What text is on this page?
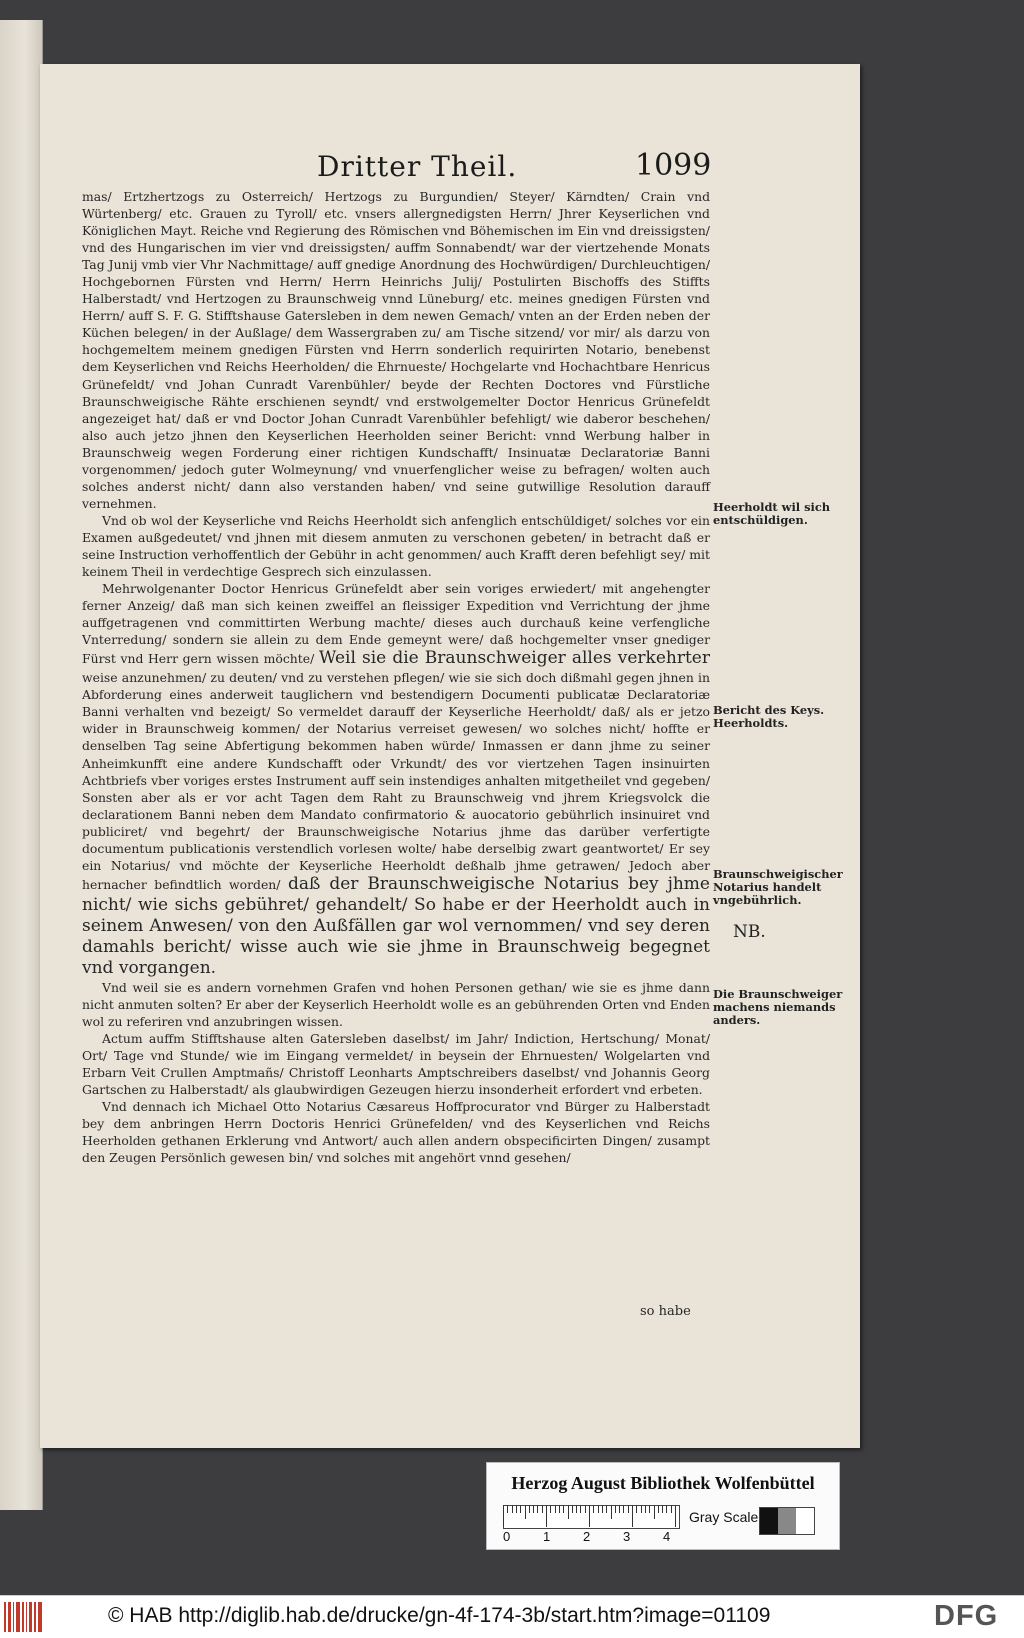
Dritter Theil.	1099

mas/ Ertzhertzogs zu Osterreich/ Hertzogs zu Burgundien/ Steyer/ Kärndten/ Crain vnd Würtenberg/ etc. Grauen zu Tyroll/ etc. vnsers allergnedigsten Herrn/ Jhrer Keyserlichen vnd Königlichen Mayt. Reiche vnd Regierung des Römischen vnd Böhemischen im Ein vnd dreissigsten/ vnd des Hungarischen im vier vnd dreissigsten/ auffm Sonnabendt/ war der viertzehende Monats Tag Junij vmb vier Vhr Nachmittage/ auff gnedige Anordnung des Hochwürdigen/ Durchleuchtigen/ Hochgebornen Fürsten vnd Herrn/ Herrn Heinrichs Julij/ Postulirten Bischoffs des Stiffts Halberstadt/ vnd Hertzogen zu Braunschweig vnnd Lüneburg/ etc. meines gnedigen Fürsten vnd Herrn/ auff S. F. G. Stifftshause Gatersleben in dem newen Gemach/ vnten an der Erden neben der Küchen belegen/ in der Außlage/ dem Wassergraben zu/ am Tische sitzend/ vor mir/ als darzu von hochgemeltem meinem gnedigen Fürsten vnd Herrn sonderlich requirirten Notario, benebenst dem Keyserlichen vnd Reichs Heerholden/ die Ehrnueste/ Hochgelarte vnd Hochachtbare Henricus Grünefeldt/ vnd Johan Cunradt Varenbühler/ beyde der Rechten Doctores vnd Fürstliche Braunschweigische Rähte erschienen seyndt/ vnd erstwolgemelter Doctor Henricus Grünefeldt angezeiget hat/ daß er vnd Doctor Johan Cunradt Varenbühler befehligt/ wie daberor beschehen/ also auch jetzo jhnen den Keyserlichen Heerholden seiner Bericht: vnnd Werbung halber in Braunschweig wegen Forderung einer richtigen Kundschafft/ Insinuatæ Declaratoriæ Banni vorgenommen/ jedoch guter Wolmeynung/ vnd vnuerfenglicher weise zu befragen/ wolten auch solches anderst nicht/ dann also verstanden haben/ vnd seine gutwillige Resolution darauff vernehmen.

Vnd ob wol der Keyserliche vnd Reichs Heerholdt sich anfenglich entschüldiget/ solches vor ein Examen außgedeutet/ vnd jhnen mit diesem anmuten zu verschonen gebeten/ in betracht daß er seine Instruction verhoffentlich der Gebühr in acht genommen/ auch Krafft deren befehligt sey/ mit keinem Theil in verdechtige Gesprech sich einzulassen.

Mehrwolgenanter Doctor Henricus Grünefeldt aber sein voriges erwiedert/ mit angehengter ferner Anzeig/ daß man sich keinen zweiffel an fleissiger Expedition vnd Verrichtung der jhme auffgetragenen vnd committirten Werbung machte/ dieses auch durchauß keine verfengliche Vnterredung/ sondern sie allein zu dem Ende gemeynt were/ daß hochgemelter vnser gnediger Fürst vnd Herr gern wissen möchte/ Weil sie die Braunschweiger alles verkehrter weise anzunehmen/ zu deuten/ vnd zu verstehen pflegen/ wie sie sich doch dißmahl gegen jhnen in Abforderung eines anderweit tauglichern vnd bestendigern Documenti publicatæ Declaratoriæ Banni verhalten vnd bezeigt/ So vermeldet darauff der Keyserliche Heerholdt/ daß/ als er jetzo wider in Braunschweig kommen/ der Notarius verreiset gewesen/ wo solches nicht/ hoffte er denselben Tag seine Abfertigung bekommen haben würde/ Inmassen er dann jhme zu seiner Anheimkunfft eine andere Kundschafft oder Vrkundt/ des vor viertzehen Tagen insinuirten Achtbriefs vber voriges erstes Instrument auff sein instendiges anhalten mitgetheilet vnd gegeben/ Sonsten aber als er vor acht Tagen dem Raht zu Braunschweig vnd jhrem Kriegsvolck die declarationem Banni neben dem Mandato confirmatorio & auocatorio gebührlich insinuiret vnd publiciret/ vnd begehrt/ der Braunschweigische Notarius jhme das darüber verfertigte documentum publicationis verstendlich vorlesen wolte/ habe derselbig zwart geantwortet/ Er sey ein Notarius/ vnd möchte der Keyserliche Heerholdt deßhalb jhme getrawen/ Jedoch aber hernacher befindtlich worden/ daß der Braunschweigische Notarius bey jhme nicht/ wie sichs gebühret/ gehandelt/ So habe er der Heerholdt auch in seinem Anwesen/ von den Außfällen gar wol vernommen/ vnd sey deren damahls bericht/ wisse auch wie sie jhme in Braunschweig begegnet vnd vorgangen.

Vnd weil sie es andern vornehmen Grafen vnd hohen Personen gethan/ wie sie es jhme dann nicht anmuten solten? Er aber der Keyserlich Heerholdt wolle es an gebührenden Orten vnd Enden wol zu referiren vnd anzubringen wissen.

Actum auffm Stifftshause alten Gatersleben daselbst/ im Jahr/ Indiction, Hertschung/ Monat/ Ort/ Tage vnd Stunde/ wie im Eingang vermeldet/ in beysein der Ehrnuesten/ Wolgelarten vnd Erbarn Veit Crullen Amptmañs/ Christoff Leonharts Amptschreibers daselbst/ vnd Johannis Georg Gartschen zu Halberstadt/ als glaubwirdigen Gezeugen hierzu insonderheit erfordert vnd erbeten.

Vnd dennach ich Michael Otto Notarius Cæsareus Hoffprocurator vnd Bürger zu Halberstadt bey dem anbringen Herrn Doctoris Henrici Grünefelden/ vnd des Keyserlichen vnd Reichs Heerholden gethanen Erklerung vnd Antwort/ auch allen andern obspecificirten Dingen/ zusampt den Zeugen Persönlich gewesen bin/ vnd solches mit angehört vnnd gesehen/

Heerholdt wil sich entschüldigen.
Bericht des Keys. Heerholdts.
Braunschweigischer Notarius handelt vngebührlich.
NB.
Die Braunschweiger machens niemands anders.
so habe
Herzog August Bibliothek Wolfenbüttel
0	1	2	3	4
Gray Scale
© HAB http://diglib.hab.de/drucke/gn-4f-174-3b/start.htm?image=01109	DFG
